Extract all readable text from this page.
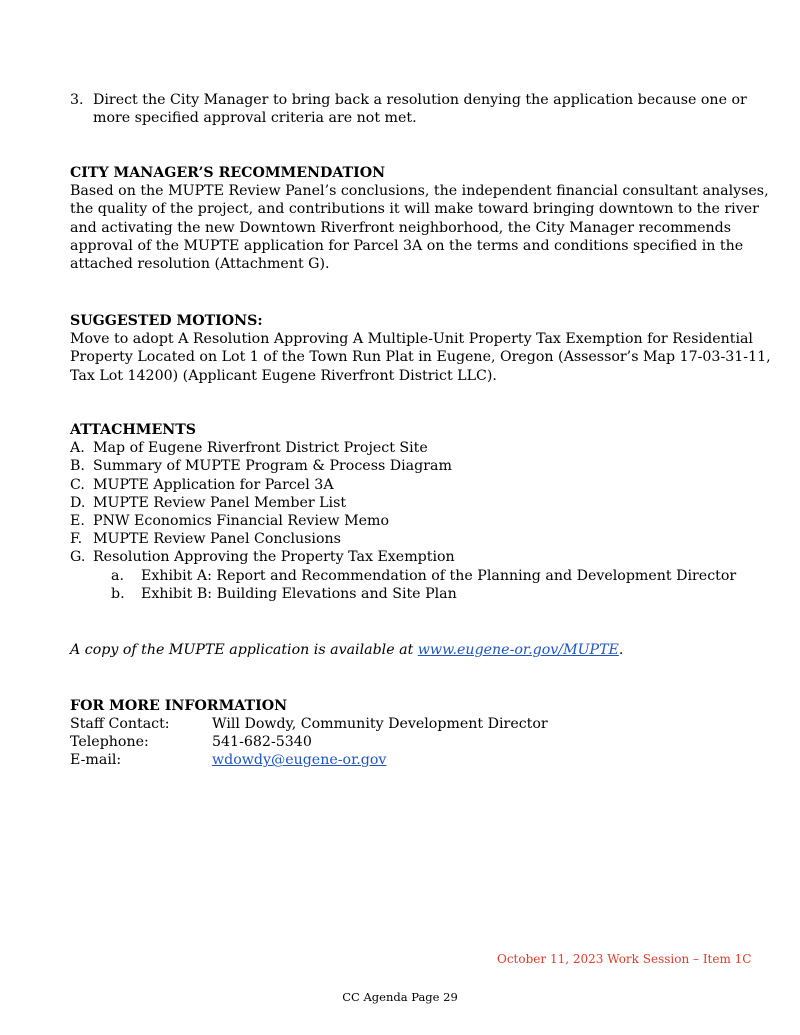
3. Direct the City Manager to bring back a resolution denying the application because one or
more specified approval criteria are not met.
CITY MANAGER’S RECOMMENDATION
Based on the MUPTE Review Panel’s conclusions, the independent financial consultant analyses,
the quality of the project, and contributions it will make toward bringing downtown to the river
and activating the new Downtown Riverfront neighborhood, the City Manager recommends
approval of the MUPTE application for Parcel 3A on the terms and conditions specified in the
attached resolution (Attachment G).
SUGGESTED MOTIONS:
Move to adopt A Resolution Approving A Multiple-Unit Property Tax Exemption for Residential
Property Located on Lot 1 of the Town Run Plat in Eugene, Oregon (Assessor’s Map 17-03-31-11,
Tax Lot 14200) (Applicant Eugene Riverfront District LLC).
ATTACHMENTS
A. Map of Eugene Riverfront District Project Site
B. Summary of MUPTE Program & Process Diagram
C. MUPTE Application for Parcel 3A
D. MUPTE Review Panel Member List
E. PNW Economics Financial Review Memo
F. MUPTE Review Panel Conclusions
G. Resolution Approving the Property Tax Exemption
a. Exhibit A: Report and Recommendation of the Planning and Development Director
b. Exhibit B: Building Elevations and Site Plan
A copy of the MUPTE application is available at www.eugene-or.gov/MUPTE.
FOR MORE INFORMATION
Staff Contact:	Will Dowdy, Community Development Director
Telephone:	541-682-5340
E-mail:	wdowdy@eugene-or.gov
October 11, 2023 Work Session – Item 1C
CC Agenda Page 29
